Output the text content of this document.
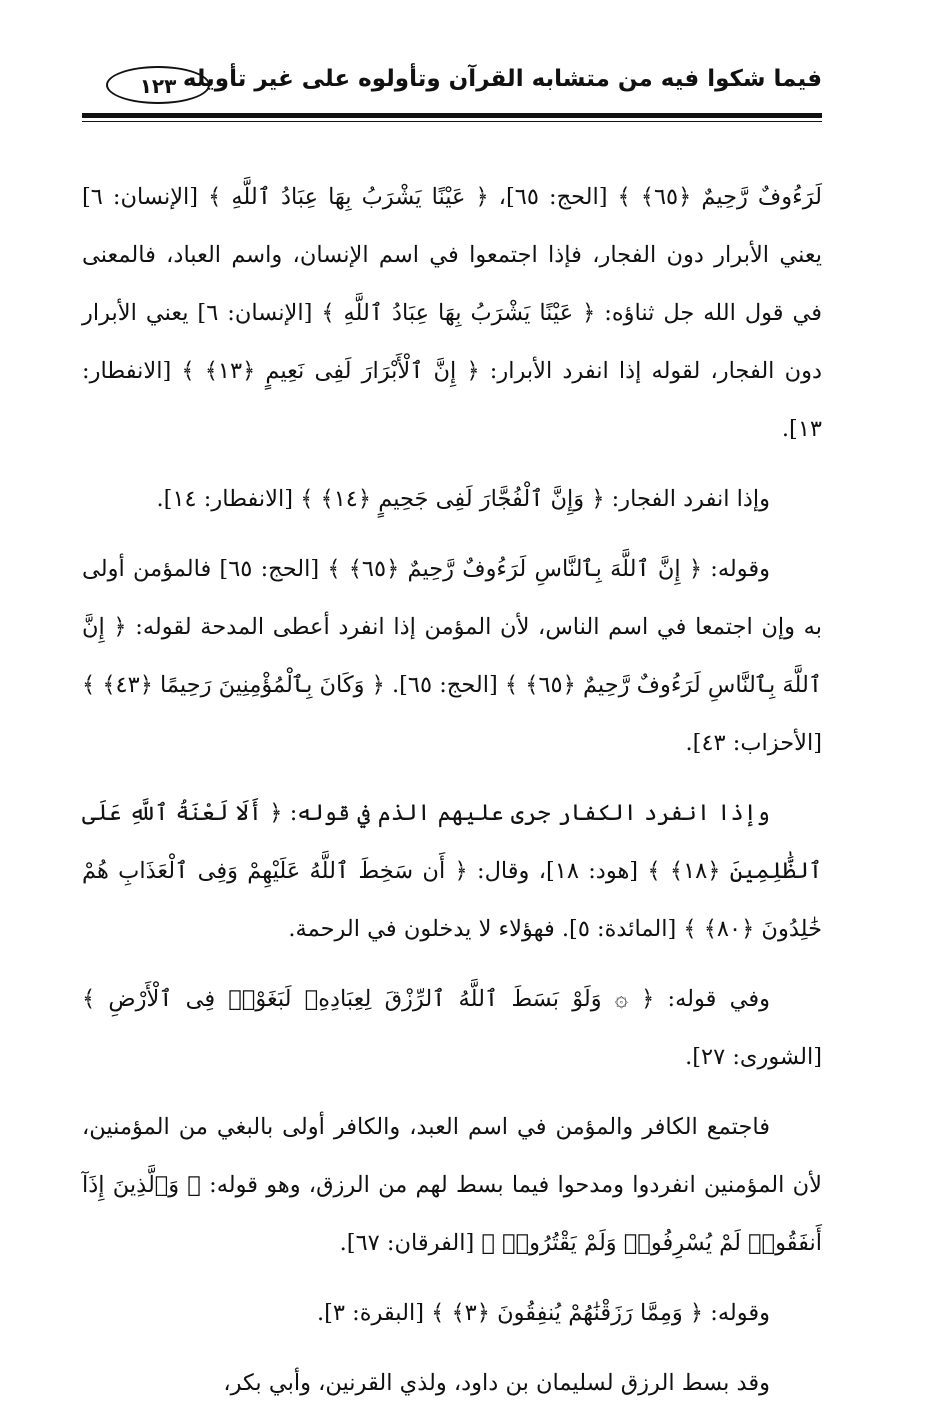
فيما شكوا فيه من متشابه القرآن وتأولوه على غير تأويله
١٢٣

لَرَءُوفٌ رَّحِيمٌ ﴿٦٥﴾ ﴾ [الحج: ٦٥]، ﴿ عَيْنًا يَشْرَبُ بِهَا عِبَادُ ٱللَّهِ ﴾ [الإنسان: ٦] يعني الأبرار دون الفجار، فإذا اجتمعوا في اسم الإنسان، واسم العباد، فالمعنى في قول الله جل ثناؤه: ﴿ عَيْنًا يَشْرَبُ بِهَا عِبَادُ ٱللَّهِ ﴾ [الإنسان: ٦] يعني الأبرار دون الفجار، لقوله إذا انفرد الأبرار: ﴿ إِنَّ ٱلْأَبْرَارَ لَفِى نَعِيمٍ ﴿١٣﴾ ﴾ [الانفطار: ١٣].

وإذا انفرد الفجار: ﴿ وَإِنَّ ٱلْفُجَّارَ لَفِى جَحِيمٍ ﴿١٤﴾ ﴾ [الانفطار: ١٤].

وقوله: ﴿ إِنَّ ٱللَّهَ بِٱلنَّاسِ لَرَءُوفٌ رَّحِيمٌ ﴿٦٥﴾ ﴾ [الحج: ٦٥] فالمؤمن أولى به وإن اجتمعا في اسم الناس، لأن المؤمن إذا انفرد أعطى المدحة لقوله: ﴿ إِنَّ ٱللَّهَ بِٱلنَّاسِ لَرَءُوفٌ رَّحِيمٌ ﴿٦٥﴾ ﴾ [الحج: ٦٥]. ﴿ وَكَانَ بِٱلْمُؤْمِنِينَ رَحِيمًا ﴿٤٣﴾ ﴾ [الأحزاب: ٤٣].

وإذا انفرد الكفار جرى عليهم الذم في قوله: ﴿ أَلَا لَعْنَةُ ٱللَّهِ عَلَى ٱلظَّٰلِمِينَ ﴿١٨﴾ ﴾ [هود: ١٨]، وقال: ﴿ أَن سَخِطَ ٱللَّهُ عَلَيْهِمْ وَفِى ٱلْعَذَابِ هُمْ خَٰلِدُونَ ﴿٨٠﴾ ﴾ [المائدة: ٥]. فهؤلاء لا يدخلون في الرحمة.

وفي قوله: ﴿ ۞ وَلَوْ بَسَطَ ٱللَّهُ ٱلرِّزْقَ لِعِبَادِهِۦ لَبَغَوْا۟ فِى ٱلْأَرْضِ ﴾ [الشورى: ٢٧].

فاجتمع الكافر والمؤمن في اسم العبد، والكافر أولى بالبغي من المؤمنين، لأن المؤمنين انفردوا ومدحوا فيما بسط لهم من الرزق، وهو قوله: ﴿ وَٱلَّذِينَ إِذَآ أَنفَقُوا۟ لَمْ يُسْرِفُوا۟ وَلَمْ يَقْتُرُوا۟ ﴾ [الفرقان: ٦٧].

وقوله: ﴿ وَمِمَّا رَزَقْنَٰهُمْ يُنفِقُونَ ﴿٣﴾ ﴾ [البقرة: ٣].

وقد بسط الرزق لسليمان بن داود، ولذي القرنين، وأبي بكر،
